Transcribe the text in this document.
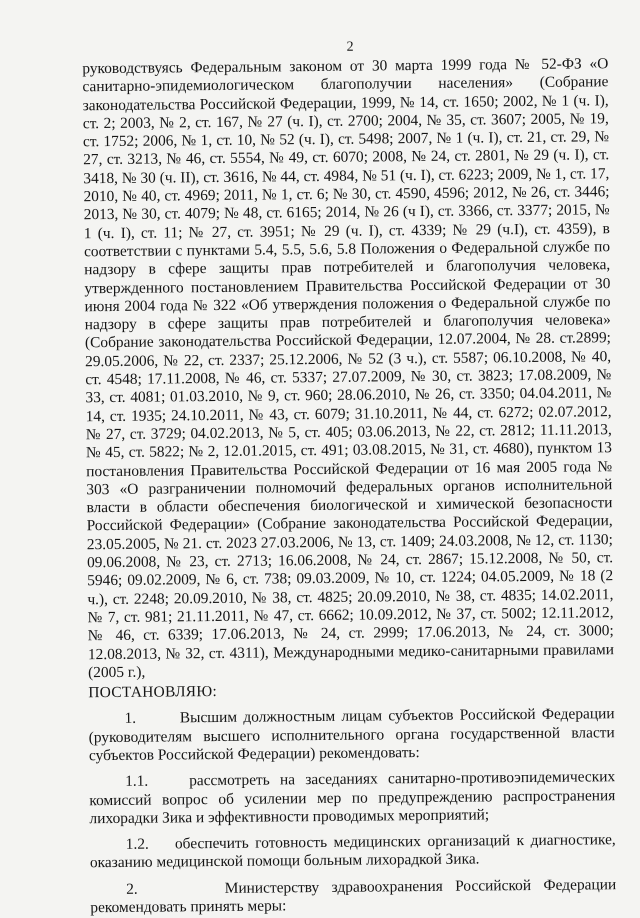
2

руководствуясь Федеральным законом от 30 марта 1999 года № 52-ФЗ «О санитарно-эпидемиологическом благополучии населения» (Собрание законодательства Российской Федерации, 1999, № 14, ст. 1650; 2002, № 1 (ч. I), ст. 2; 2003, № 2, ст. 167, № 27 (ч. I), ст. 2700; 2004, № 35, ст. 3607; 2005, № 19, ст. 1752; 2006, № 1, ст. 10, № 52 (ч. I), ст. 5498; 2007, № 1 (ч. I), ст. 21, ст. 29, № 27, ст. 3213, № 46, ст. 5554, № 49, ст. 6070; 2008, № 24, ст. 2801, № 29 (ч. I), ст. 3418, № 30 (ч. II), ст. 3616, № 44, ст. 4984, № 51 (ч. I), ст. 6223; 2009, № 1, ст. 17, 2010, № 40, ст. 4969; 2011, № 1, ст. 6; № 30, ст. 4590, 4596; 2012, № 26, ст. 3446; 2013, № 30, ст. 4079; № 48, ст. 6165; 2014, № 26 (ч I), ст. 3366, ст. 3377; 2015, № 1 (ч. I), ст. 11; № 27, ст. 3951; № 29 (ч. I), ст. 4339; № 29 (ч.I), ст. 4359), в соответствии с пунктами 5.4, 5.5, 5.6, 5.8 Положения о Федеральной службе по надзору в сфере защиты прав потребителей и благополучия человека, утвержденного постановлением Правительства Российской Федерации от 30 июня 2004 года № 322 «Об утверждения положения о Федеральной службе по надзору в сфере защиты прав потребителей и благополучия человека» (Собрание законодательства Российской Федерации, 12.07.2004, № 28. ст.2899; 29.05.2006, № 22, ст. 2337; 25.12.2006, № 52 (3 ч.), ст. 5587; 06.10.2008, № 40, ст. 4548; 17.11.2008, № 46, ст. 5337; 27.07.2009, № 30, ст. 3823; 17.08.2009, № 33, ст. 4081; 01.03.2010, № 9, ст. 960; 28.06.2010, № 26, ст. 3350; 04.04.2011, № 14, ст. 1935; 24.10.2011, № 43, ст. 6079; 31.10.2011, № 44, ст. 6272; 02.07.2012, № 27, ст. 3729; 04.02.2013, № 5, ст. 405; 03.06.2013, № 22, ст. 2812; 11.11.2013, № 45, ст. 5822; № 2, 12.01.2015, ст. 491; 03.08.2015, № 31, ст. 4680), пунктом 13 постановления Правительства Российской Федерации от 16 мая 2005 года № 303 «О разграничении полномочий федеральных органов исполнительной власти в области обеспечения биологической и химической безопасности Российской Федерации» (Собрание законодательства Российской Федерации, 23.05.2005, № 21. ст. 2023 27.03.2006, № 13, ст. 1409; 24.03.2008, № 12, ст. 1130; 09.06.2008, № 23, ст. 2713; 16.06.2008, № 24, ст. 2867; 15.12.2008, № 50, ст. 5946; 09.02.2009, № 6, ст. 738; 09.03.2009, № 10, ст. 1224; 04.05.2009, № 18 (2 ч.), ст. 2248; 20.09.2010, № 38, ст. 4825; 20.09.2010, № 38, ст. 4835; 14.02.2011, № 7, ст. 981; 21.11.2011, № 47, ст. 6662; 10.09.2012, № 37, ст. 5002; 12.11.2012, № 46, ст. 6339; 17.06.2013, № 24, ст. 2999; 17.06.2013, № 24, ст. 3000; 12.08.2013, № 32, ст. 4311), Международными медико-санитарными правилами (2005 г.),

ПОСТАНОВЛЯЮ:

1.       Высшим должностным лицам субъектов Российской Федерации (руководителям высшего исполнительного органа государственной власти субъектов Российской Федерации) рекомендовать:

1.1.    рассмотреть на заседаниях санитарно-противоэпидемических комиссий вопрос об усилении мер по предупреждению распространения лихорадки Зика и эффективности проводимых мероприятий;

1.2.    обеспечить готовность медицинских организаций к диагностике, оказанию медицинской помощи больным лихорадкой Зика.

2.       Министерству здравоохранения Российской Федерации рекомендовать принять меры:
